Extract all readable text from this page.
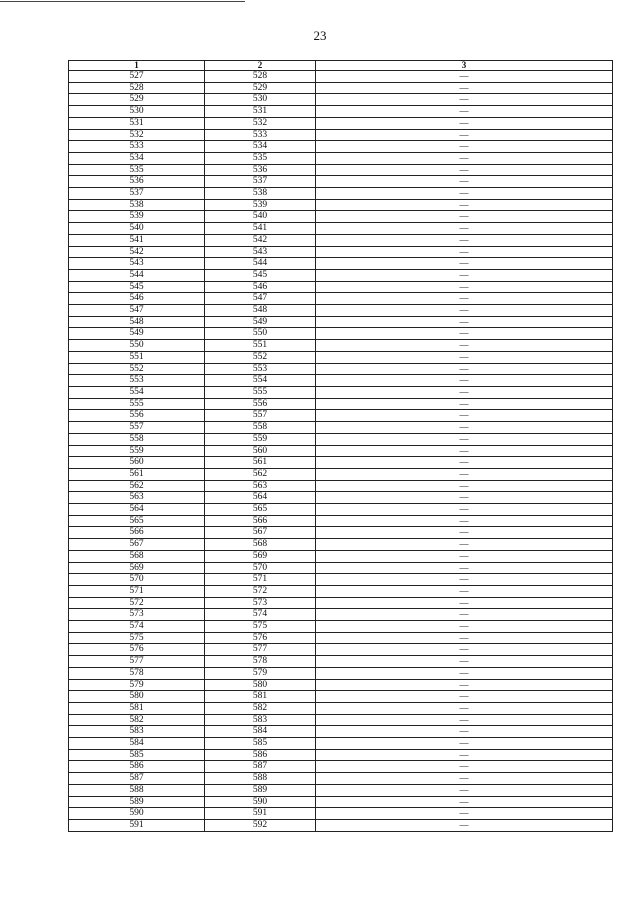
23
1	2	3
527	528	—
528	529	—
529	530	—
530	531	—
531	532	—
532	533	—
533	534	—
534	535	—
535	536	—
536	537	—
537	538	—
538	539	—
539	540	—
540	541	—
541	542	—
542	543	—
543	544	—
544	545	—
545	546	—
546	547	—
547	548	—
548	549	—
549	550	—
550	551	—
551	552	—
552	553	—
553	554	—
554	555	—
555	556	—
556	557	—
557	558	—
558	559	—
559	560	—
560	561	—
561	562	—
562	563	—
563	564	—
564	565	—
565	566	—
566	567	—
567	568	—
568	569	—
569	570	—
570	571	—
571	572	—
572	573	—
573	574	—
574	575	—
575	576	—
576	577	—
577	578	—
578	579	—
579	580	—
580	581	—
581	582	—
582	583	—
583	584	—
584	585	—
585	586	—
586	587	—
587	588	—
588	589	—
589	590	—
590	591	—
591	592	—
